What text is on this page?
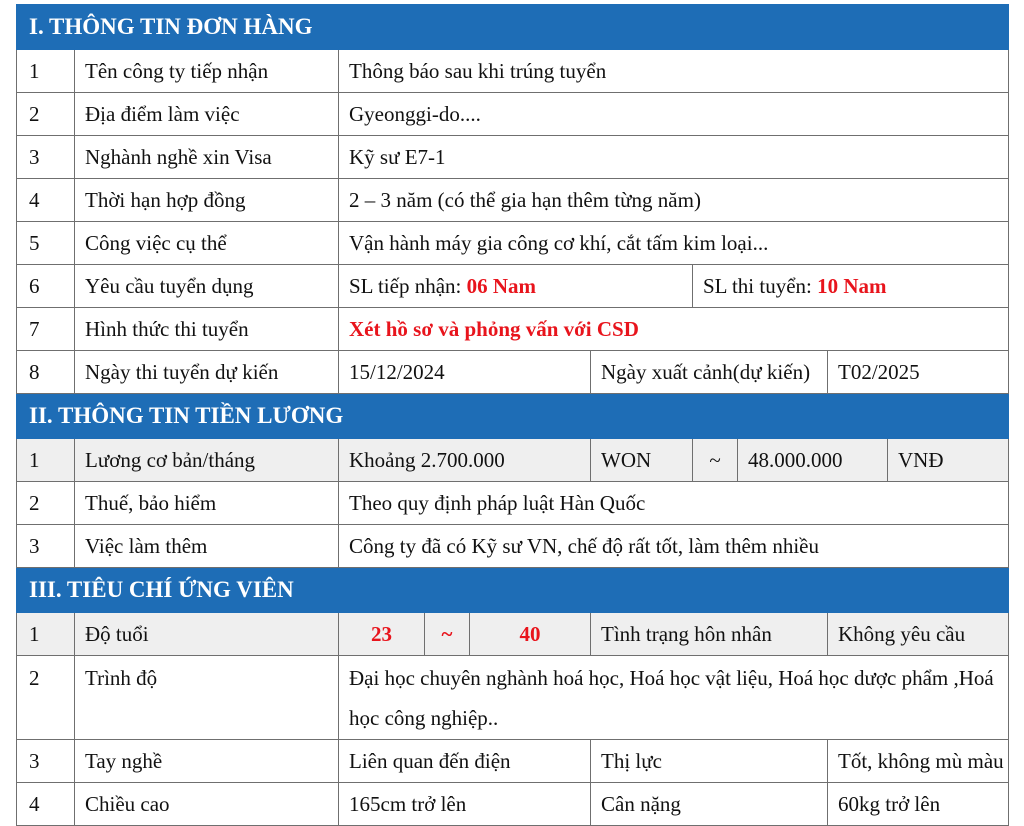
I. THÔNG TIN ĐƠN HÀNG									
1	Tên công ty tiếp nhận	Thông báo sau khi trúng tuyển							
2	Địa điểm làm việc	Gyeonggi-do....							
3	Nghành nghề xin Visa	Kỹ sư E7-1							
4	Thời hạn hợp đồng	2 – 3 năm (có thể gia hạn thêm từng năm)							
5	Công việc cụ thể	Vận hành máy gia công cơ khí, cắt tấm kim loại...							
6	Yêu cầu tuyển dụng	SL tiếp nhận: 06 Nam				SL thi tuyển: 10 Nam			
7	Hình thức thi tuyển	Xét hồ sơ và phỏng vấn với CSD							
8	Ngày thi tuyển dự kiến	15/12/2024			Ngày xuất cảnh(dự kiến)			T02/2025	
II. THÔNG TIN TIỀN LƯƠNG									
1	Lương cơ bản/tháng	Khoảng 2.700.000			WON	~	48.000.000		VNĐ
2	Thuế, bảo hiểm	Theo quy định pháp luật Hàn Quốc							
3	Việc làm thêm	Công ty đã có Kỹ sư VN, chế độ rất tốt, làm thêm nhiều							
III. TIÊU CHÍ ỨNG VIÊN									
1	Độ tuổi	23	~	40	Tình trạng hôn nhân			Không yêu cầu	
2	Trình độ	Đại học chuyên nghành hoá học, Hoá học vật liệu, Hoá học dược phẩm ,Hoá học công nghiệp..							
3	Tay nghề	Liên quan đến điện			Thị lực			Tốt, không mù màu	
4	Chiều cao	165cm trở lên			Cân nặng			60kg trở lên	
